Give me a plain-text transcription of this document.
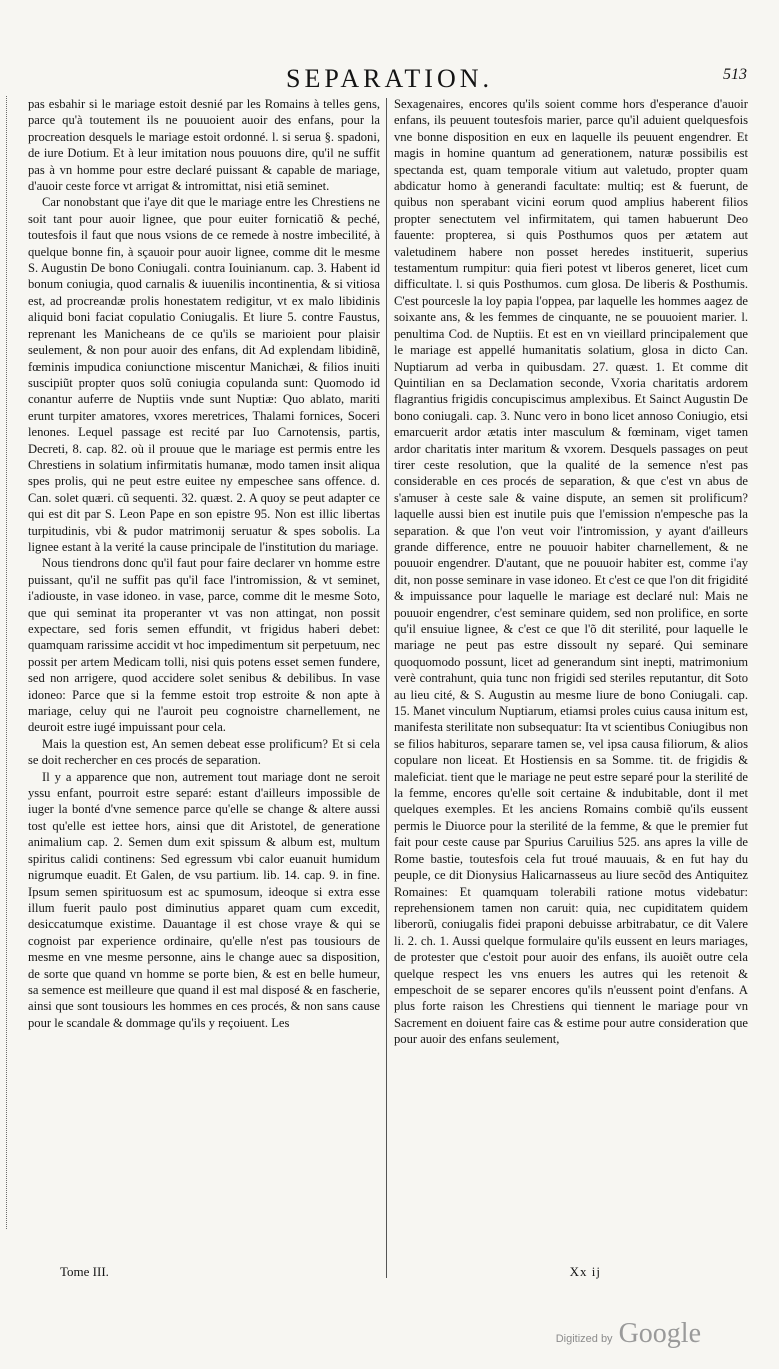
SEPARATION.	513

pas esbahir si le mariage estoit desnié par les Romains à telles gens, parce qu'à toutement ils ne pouuoient auoir des enfans, pour la procreation desquels le mariage estoit ordonné. l. si serua §. spadoni, de iure Dotium. Et à leur imitation nous pouuons dire, qu'il ne suffit pas à vn homme pour estre declaré puissant & capable de mariage, d'auoir ceste force vt arrigat & intromittat, nisi etiã seminet.

Car nonobstant que i'aye dit que le mariage entre les Chrestiens ne soit tant pour auoir lignee, que pour euiter fornicatiõ & peché, toutesfois il faut que nous vsions de ce remede à nostre imbecilité, à quelque bonne fin, à sçauoir pour auoir lignee, comme dit le mesme S. Augustin De bono Coniugali. contra Iouinianum. cap. 3. Habent id bonum coniugia, quod carnalis & iuuenilis incontinentia, & si vitiosa est, ad procreandæ prolis honestatem redigitur, vt ex malo libidinis aliquid boni faciat copulatio Coniugalis. Et liure 5. contre Faustus, reprenant les Manicheans de ce qu'ils se marioient pour plaisir seulement, & non pour auoir des enfans, dit Ad explendam libidinẽ, fœminis impudica coniunctione miscentur Manichæi, & filios inuiti suscipiũt propter quos solũ coniugia copulanda sunt: Quomodo id conantur auferre de Nuptiis vnde sunt Nuptiæ: Quo ablato, mariti erunt turpiter amatores, vxores meretrices, Thalami fornices, Soceri lenones. Lequel passage est recité par Iuo Carnotensis, partis, Decreti, 8. cap. 82. où il prouue que le mariage est permis entre les Chrestiens in solatium infirmitatis humanæ, modo tamen insit aliqua spes prolis, qui ne peut estre euitee ny empeschee sans offence. d. Can. solet quæri. cũ sequenti. 32. quæst. 2. A quoy se peut adapter ce qui est dit par S. Leon Pape en son epistre 95. Non est illic libertas turpitudinis, vbi & pudor matrimonij seruatur & spes sobolis. La lignee estant à la verité la cause principale de l'institution du mariage.

Nous tiendrons donc qu'il faut pour faire declarer vn homme estre puissant, qu'il ne suffit pas qu'il face l'intromission, & vt seminet, i'adiouste, in vase idoneo. in vase, parce, comme dit le mesme Soto, que qui seminat ita properanter vt vas non attingat, non possit expectare, sed foris semen effundit, vt frigidus haberi debet: quamquam rarissime accidit vt hoc impedimentum sit perpetuum, nec possit per artem Medicam tolli, nisi quis potens esset semen fundere, sed non arrigere, quod accidere solet senibus & debilibus. In vase idoneo: Parce que si la femme estoit trop estroite & non apte à mariage, celuy qui ne l'auroit peu cognoistre charnellement, ne deuroit estre iugé impuissant pour cela.

Mais la question est, An semen debeat esse prolificum? Et si cela se doit rechercher en ces procés de separation.

Il y a apparence que non, autrement tout mariage dont ne seroit yssu enfant, pourroit estre separé: estant d'ailleurs impossible de iuger la bonté d'vne semence parce qu'elle se change & altere aussi tost qu'elle est iettee hors, ainsi que dit Aristotel, de generatione animalium cap. 2. Semen dum exit spissum & album est, multum spiritus calidi continens: Sed egressum vbi calor euanuit humidum nigrumque euadit. Et Galen, de vsu partium. lib. 14. cap. 9. in fine. Ipsum semen spirituosum est ac spumosum, ideoque si extra esse illum fuerit paulo post diminutius apparet quam cum excedit, desiccatumque existime. Dauantage il est chose vraye & qui se cognoist par experience ordinaire, qu'elle n'est pas tousiours de mesme en vne mesme personne, ains le change auec sa disposition, de sorte que quand vn homme se porte bien, & est en belle humeur, sa semence est meilleure que quand il est mal disposé & en fascherie, ainsi que sont tousiours les hommes en ces procés, & non sans cause pour le scandale & dommage qu'ils y reçoiuent. Les

Sexagenaires, encores qu'ils soient comme hors d'esperance d'auoir enfans, ils peuuent toutesfois marier, parce qu'il aduient quelquesfois vne bonne disposition en eux en laquelle ils peuuent engendrer. Et magis in homine quantum ad generationem, naturæ possibilis est spectanda est, quam temporale vitium aut valetudo, propter quam abdicatur homo à generandi facultate: multiq; est & fuerunt, de quibus non sperabant vicini eorum quod amplius haberent filios propter senectutem vel infirmitatem, qui tamen habuerunt Deo fauente: propterea, si quis Posthumos quos per ætatem aut valetudinem habere non posset heredes instituerit, superius testamentum rumpitur: quia fieri potest vt liberos generet, licet cum difficultate. l. si quis Posthumos. cum glosa. De liberis & Posthumis. C'est pourcesle la loy papia l'oppea, par laquelle les hommes aagez de soixante ans, & les femmes de cinquante, ne se pouuoient marier. l. penultima Cod. de Nuptiis. Et est en vn vieillard principalement que le mariage est appellé humanitatis solatium, glosa in dicto Can. Nuptiarum ad verba in quibusdam. 27. quæst. 1. Et comme dit Quintilian en sa Declamation seconde, Vxoria charitatis ardorem flagrantius frigidis concupiscimus amplexibus. Et Sainct Augustin De bono coniugali. cap. 3. Nunc vero in bono licet annoso Coniugio, etsi emarcuerit ardor ætatis inter masculum & fœminam, viget tamen ardor charitatis inter maritum & vxorem. Desquels passages on peut tirer ceste resolution, que la qualité de la semence n'est pas considerable en ces procés de separation, & que c'est vn abus de s'amuser à ceste sale & vaine dispute, an semen sit prolificum? laquelle aussi bien est inutile puis que l'emission n'empesche pas la separation. & que l'on veut voir l'intromission, y ayant d'ailleurs grande difference, entre ne pouuoir habiter charnellement, & ne pouuoir engendrer. D'autant, que ne pouuoir habiter est, comme i'ay dit, non posse seminare in vase idoneo. Et c'est ce que l'on dit frigidité & impuissance pour laquelle le mariage est declaré nul: Mais ne pouuoir engendrer, c'est seminare quidem, sed non prolifice, en sorte qu'il ensuiue lignee, & c'est ce que l'õ dit sterilité, pour laquelle le mariage ne peut pas estre dissoult ny separé. Qui seminare quoquomodo possunt, licet ad generandum sint inepti, matrimonium verè contrahunt, quia tunc non frigidi sed steriles reputantur, dit Soto au lieu cité, & S. Augustin au mesme liure de bono Coniugali. cap. 15. Manet vinculum Nuptiarum, etiamsi proles cuius causa initum est, manifesta sterilitate non subsequatur: Ita vt scientibus Coniugibus non se filios habituros, separare tamen se, vel ipsa causa filiorum, & alios copulare non liceat. Et Hostiensis en sa Somme. tit. de frigidis & maleficiat. tient que le mariage ne peut estre separé pour la sterilité de la femme, encores qu'elle soit certaine & indubitable, dont il met quelques exemples. Et les anciens Romains combiẽ qu'ils eussent permis le Diuorce pour la sterilité de la femme, & que le premier fut fait pour ceste cause par Spurius Caruilius 525. ans apres la ville de Rome bastie, toutesfois cela fut troué mauuais, & en fut hay du peuple, ce dit Dionysius Halicarnasseus au liure secõd des Antiquitez Romaines: Et quamquam tolerabili ratione motus videbatur: reprehensionem tamen non caruit: quia, nec cupiditatem quidem liberorũ, coniugalis fidei praponi debuisse arbitrabatur, ce dit Valere li. 2. ch. 1. Aussi quelque formulaire qu'ils eussent en leurs mariages, de protester que c'estoit pour auoir des enfans, ils auoiẽt outre cela quelque respect les vns enuers les autres qui les retenoit & empeschoit de se separer encores qu'ils n'eussent point d'enfans. A plus forte raison les Chrestiens qui tiennent le mariage pour vn Sacrement en doiuent faire cas & estime pour autre consideration que pour auoir des enfans seulement,

Tome III.	Xx ij
Digitized by Google
